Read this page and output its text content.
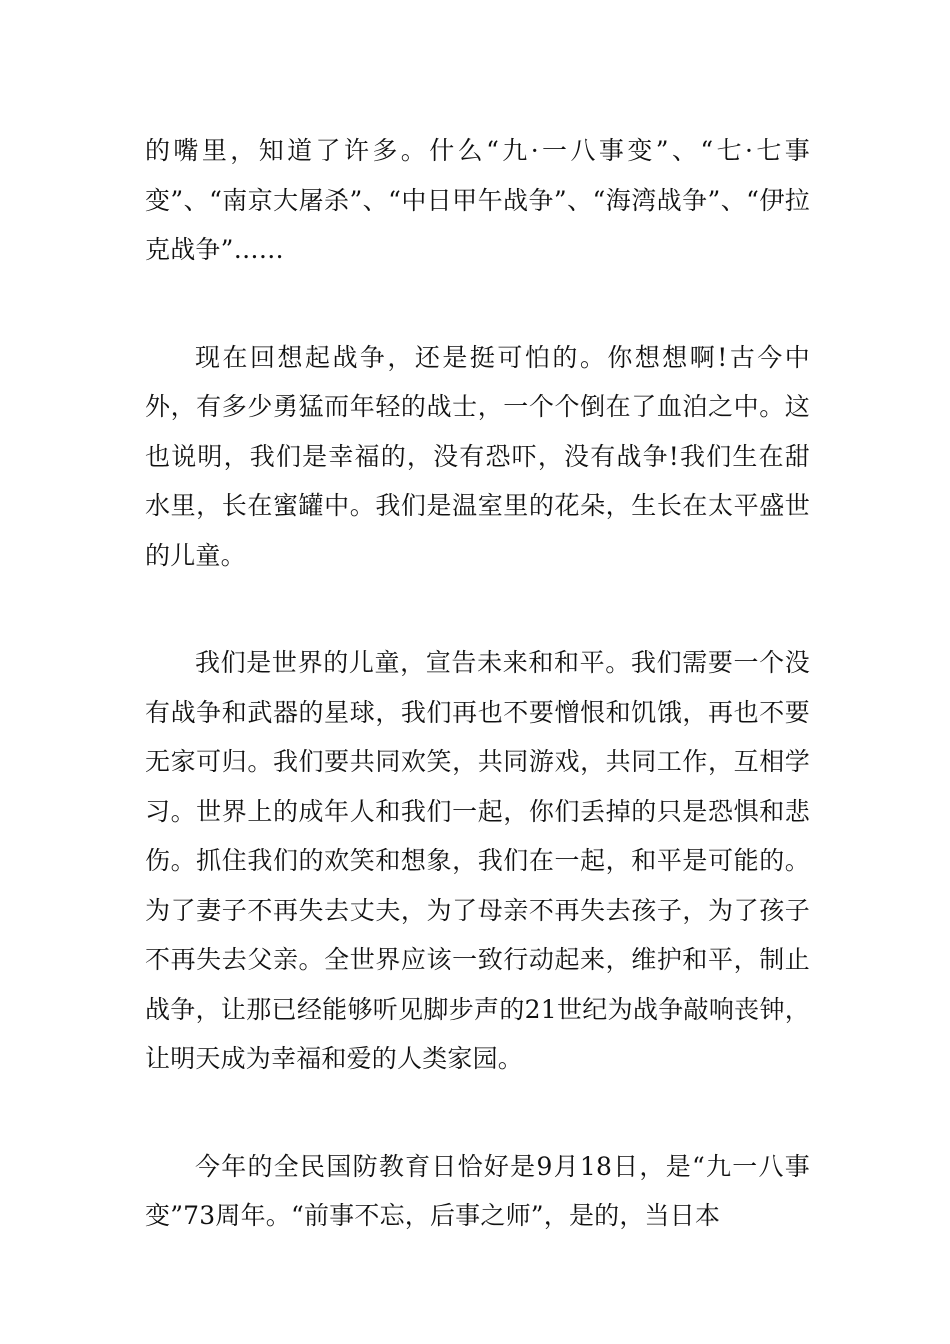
的嘴里，知道了许多。什么“九·一八事变”、“七·七事变”、“南京大屠杀”、“中日甲午战争”、“海湾战争”、“伊拉克战争”……

现在回想起战争，还是挺可怕的。你想想啊!古今中外，有多少勇猛而年轻的战士，一个个倒在了血泊之中。这也说明，我们是幸福的，没有恐吓，没有战争!我们生在甜水里，长在蜜罐中。我们是温室里的花朵，生长在太平盛世的儿童。

我们是世界的儿童，宣告未来和和平。我们需要一个没有战争和武器的星球，我们再也不要憎恨和饥饿，再也不要无家可归。我们要共同欢笑，共同游戏，共同工作，互相学习。世界上的成年人和我们一起，你们丢掉的只是恐惧和悲伤。抓住我们的欢笑和想象，我们在一起，和平是可能的。为了妻子不再失去丈夫，为了母亲不再失去孩子，为了孩子不再失去父亲。全世界应该一致行动起来，维护和平，制止战争，让那已经能够听见脚步声的21世纪为战争敲响丧钟，让明天成为幸福和爱的人类家园。

今年的全民国防教育日恰好是9月18日，是“九一八事变”73周年。“前事不忘，后事之师”，是的，当日本
